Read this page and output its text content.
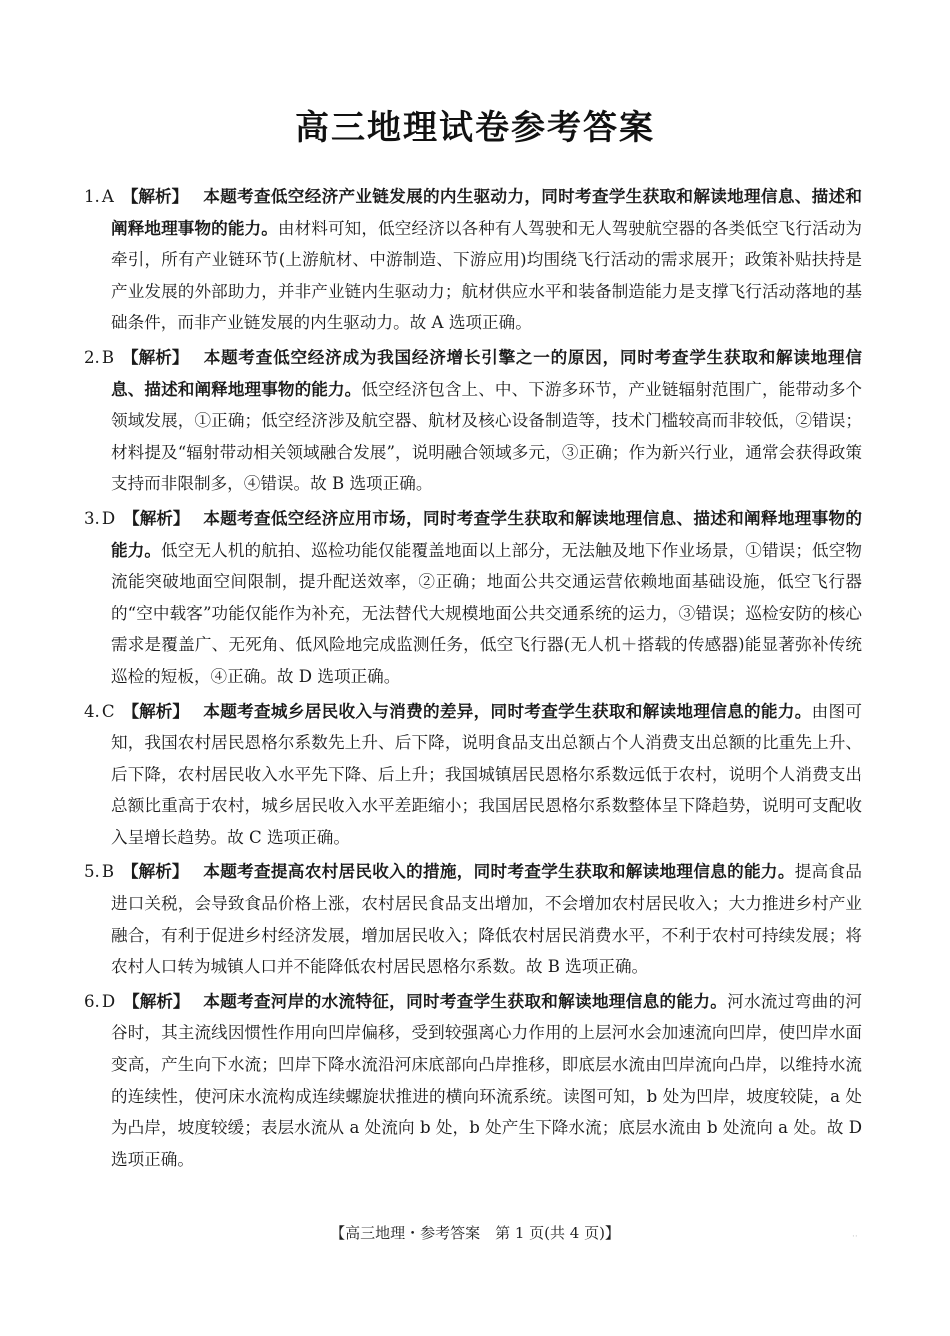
高三地理试卷参考答案
1. A 【解析】 本题考查低空经济产业链发展的内生驱动力，同时考查学生获取和解读地理信息、描述和阐释地理事物的能力。由材料可知，低空经济以各种有人驾驶和无人驾驶航空器的各类低空飞行活动为牵引，所有产业链环节(上游航材、中游制造、下游应用)均围绕飞行活动的需求展开；政策补贴扶持是产业发展的外部助力，并非产业链内生驱动力；航材供应水平和装备制造能力是支撑飞行活动落地的基础条件，而非产业链发展的内生驱动力。故 A 选项正确。
2. B 【解析】 本题考查低空经济成为我国经济增长引擎之一的原因，同时考查学生获取和解读地理信息、描述和阐释地理事物的能力。低空经济包含上、中、下游多环节，产业链辐射范围广，能带动多个领域发展，①正确；低空经济涉及航空器、航材及核心设备制造等，技术门槛较高而非较低，②错误；材料提及“辐射带动相关领域融合发展”，说明融合领域多元，③正确；作为新兴行业，通常会获得政策支持而非限制多，④错误。故 B 选项正确。
3. D 【解析】 本题考查低空经济应用市场，同时考查学生获取和解读地理信息、描述和阐释地理事物的能力。低空无人机的航拍、巡检功能仅能覆盖地面以上部分，无法触及地下作业场景，①错误；低空物流能突破地面空间限制，提升配送效率，②正确；地面公共交通运营依赖地面基础设施，低空飞行器的“空中载客”功能仅能作为补充，无法替代大规模地面公共交通系统的运力，③错误；巡检安防的核心需求是覆盖广、无死角、低风险地完成监测任务，低空飞行器(无人机＋搭载的传感器)能显著弥补传统巡检的短板，④正确。故 D 选项正确。
4. C 【解析】 本题考查城乡居民收入与消费的差异，同时考查学生获取和解读地理信息的能力。由图可知，我国农村居民恩格尔系数先上升、后下降，说明食品支出总额占个人消费支出总额的比重先上升、后下降，农村居民收入水平先下降、后上升；我国城镇居民恩格尔系数远低于农村，说明个人消费支出总额比重高于农村，城乡居民收入水平差距缩小；我国居民恩格尔系数整体呈下降趋势，说明可支配收入呈增长趋势。故 C 选项正确。
5. B 【解析】 本题考查提高农村居民收入的措施，同时考查学生获取和解读地理信息的能力。提高食品进口关税，会导致食品价格上涨，农村居民食品支出增加，不会增加农村居民收入；大力推进乡村产业融合，有利于促进乡村经济发展，增加居民收入；降低农村居民消费水平，不利于农村可持续发展；将农村人口转为城镇人口并不能降低农村居民恩格尔系数。故 B 选项正确。
6. D 【解析】 本题考查河岸的水流特征，同时考查学生获取和解读地理信息的能力。河水流过弯曲的河谷时，其主流线因惯性作用向凹岸偏移，受到较强离心力作用的上层河水会加速流向凹岸，使凹岸水面变高，产生向下水流；凹岸下降水流沿河床底部向凸岸推移，即底层水流由凹岸流向凸岸，以维持水流的连续性，使河床水流构成连续螺旋状推进的横向环流系统。读图可知，b 处为凹岸，坡度较陡，a 处为凸岸，坡度较缓；表层水流从 a 处流向 b 处，b 处产生下降水流；底层水流由 b 处流向 a 处。故 D 选项正确。
【高三地理・参考答案　第 1 页(共 4 页)】	··
